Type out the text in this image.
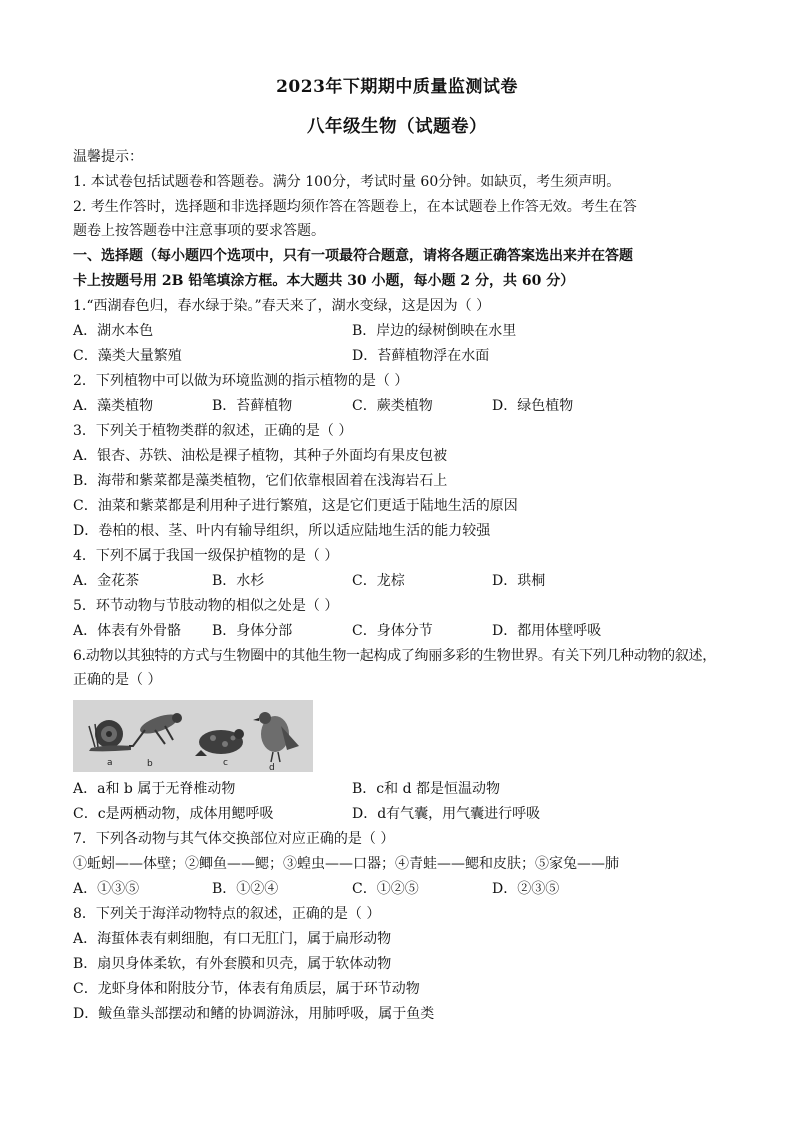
2023年下期期中质量监测试卷
八年级生物（试题卷）
温馨提示：
1. 本试卷包括试题卷和答题卷。满分 100分，考试时量 60分钟。如缺页，考生须声明。
2. 考生作答时，选择题和非选择题均须作答在答题卷上，在本试题卷上作答无效。考生在答
题卷上按答题卷中注意事项的要求答题。
一、选择题（每小题四个选项中，只有一项最符合题意，请将各题正确答案选出来并在答题
卡上按题号用 2B 铅笔填涂方框。本大题共 30 小题，每小题 2 分，共 60 分）
1.“西湖春色归，春水绿于染。”春天来了，湖水变绿，这是因为（ ）
A．湖水本色	B．岸边的绿树倒映在水里
C．藻类大量繁殖	D．苔藓植物浮在水面
2．下列植物中可以做为环境监测的指示植物的是（ ）
A．藻类植物	B．苔藓植物	C．蕨类植物	D．绿色植物
3．下列关于植物类群的叙述，正确的是（ ）
A．银杏、苏铁、油松是裸子植物，其种子外面均有果皮包被
B．海带和紫菜都是藻类植物，它们依靠根固着在浅海岩石上
C．油菜和紫菜都是利用种子进行繁殖，这是它们更适于陆地生活的原因
D．卷柏的根、茎、叶内有输导组织，所以适应陆地生活的能力较强
4．下列不属于我国一级保护植物的是（ ）
A．金花茶	B．水杉	C．龙棕	D．珙桐
5．环节动物与节肢动物的相似之处是（ ）
A．体表有外骨骼 B．身体分部	C．身体分节	D．都用体壁呼吸
6.动物以其独特的方式与生物圈中的其他生物一起构成了绚丽多彩的生物世界。有关下列几种动物的叙述，
正确的是（ ）
a	b	c	d
A．a和 b 属于无脊椎动物	B．c和 d 都是恒温动物
C．c是两栖动物，成体用鳃呼吸	D．d有气囊，用气囊进行呼吸
7．下列各动物与其气体交换部位对应正确的是（ ）
①蚯蚓——体壁；②鲫鱼——鳃；③蝗虫——口器；④青蛙——鳃和皮肤；⑤家兔——肺
A．①③⑤	B．①②④	C．①②⑤	D．②③⑤
8．下列关于海洋动物特点的叙述，正确的是（ ）
A．海蜇体表有刺细胞，有口无肛门，属于扁形动物
B．扇贝身体柔软，有外套膜和贝壳，属于软体动物
C．龙虾身体和附肢分节，体表有角质层，属于环节动物
D．鲅鱼靠头部摆动和鳍的协调游泳，用肺呼吸，属于鱼类
